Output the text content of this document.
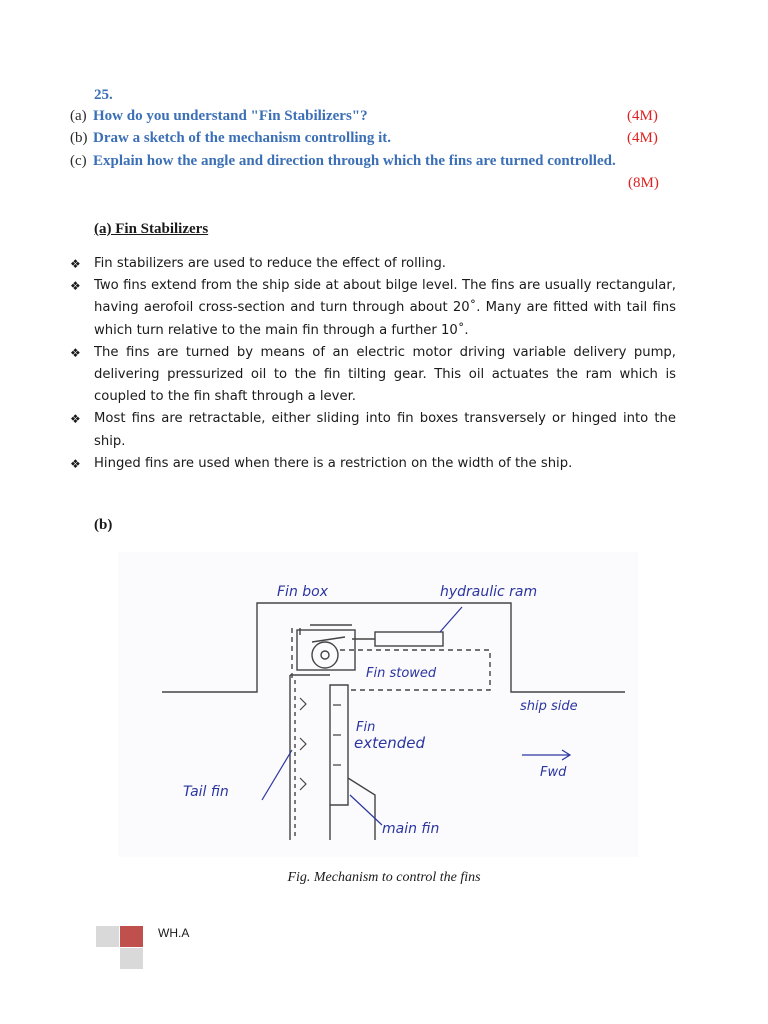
25.
(a) How do you understand "Fin Stabilizers"?	(4M)
(b) Draw a sketch of the mechanism controlling it.	(4M)
(c) Explain how the angle and direction through which the fins are turned controlled.
(8M)
(a) Fin Stabilizers
❖ Fin stabilizers are used to reduce the effect of rolling.
❖ Two fins extend from the ship side at about bilge level. The fins are usually rectangular, having aerofoil cross-section and turn through about 20˚. Many are fitted with tail fins which turn relative to the main fin through a further 10˚.
❖ The fins are turned by means of an electric motor driving variable delivery pump, delivering pressurized oil to the fin tilting gear. This oil actuates the ram which is coupled to the fin shaft through a lever.
❖ Most fins are retractable, either sliding into fin boxes transversely or hinged into the ship.
❖ Hinged fins are used when there is a restriction on the width of the ship.
(b)
Fin box	hydraulic ram
Fin stowed
ship side
Fin
extended
Fwd
Tail fin
main fin
Fig. Mechanism to control the fins
WH.A
